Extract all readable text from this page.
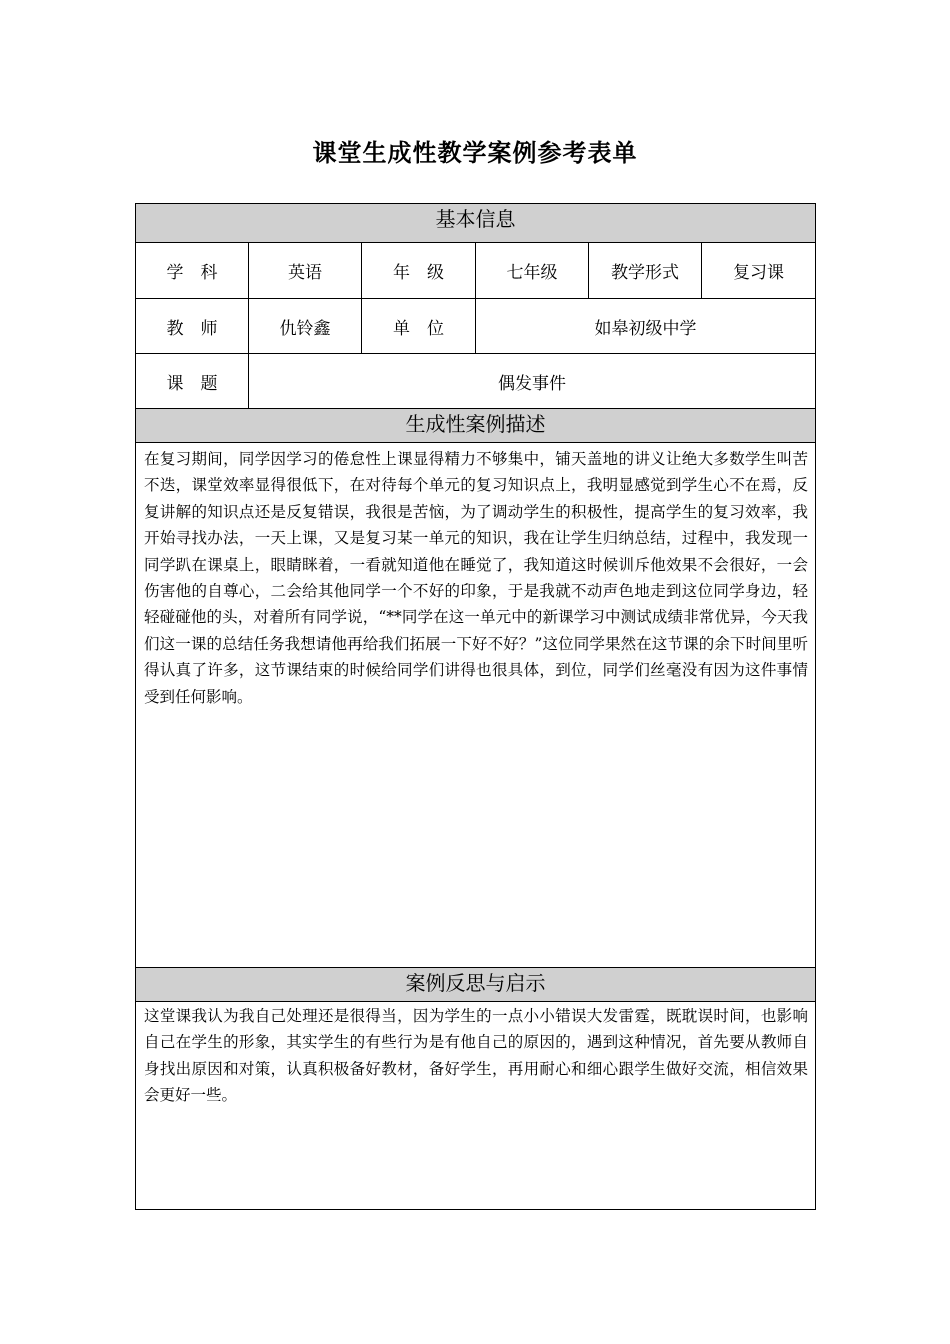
课堂生成性教学案例参考表单
基本信息
学　科	英语	年　级	七年级	教学形式	复习课
教　师	仇铃鑫	单　位	如皋初级中学
课　题	偶发事件
生成性案例描述
在复习期间，同学因学习的倦怠性上课显得精力不够集中，铺天盖地的讲义让绝大多数学生叫苦不迭，课堂效率显得很低下，在对待每个单元的复习知识点上，我明显感觉到学生心不在焉，反复讲解的知识点还是反复错误，我很是苦恼，为了调动学生的积极性，提高学生的复习效率，我开始寻找办法，一天上课，又是复习某一单元的知识，我在让学生归纳总结，过程中，我发现一同学趴在课桌上，眼睛眯着，一看就知道他在睡觉了，我知道这时候训斥他效果不会很好，一会伤害他的自尊心，二会给其他同学一个不好的印象，于是我就不动声色地走到这位同学身边，轻轻碰碰他的头，对着所有同学说，“**同学在这一单元中的新课学习中测试成绩非常优异，今天我们这一课的总结任务我想请他再给我们拓展一下好不好？”这位同学果然在这节课的余下时间里听得认真了许多，这节课结束的时候给同学们讲得也很具体，到位，同学们丝毫没有因为这件事情受到任何影响。
案例反思与启示
这堂课我认为我自己处理还是很得当，因为学生的一点小小错误大发雷霆，既耽误时间，也影响自己在学生的形象，其实学生的有些行为是有他自己的原因的，遇到这种情况，首先要从教师自身找出原因和对策，认真积极备好教材，备好学生，再用耐心和细心跟学生做好交流，相信效果会更好一些。
